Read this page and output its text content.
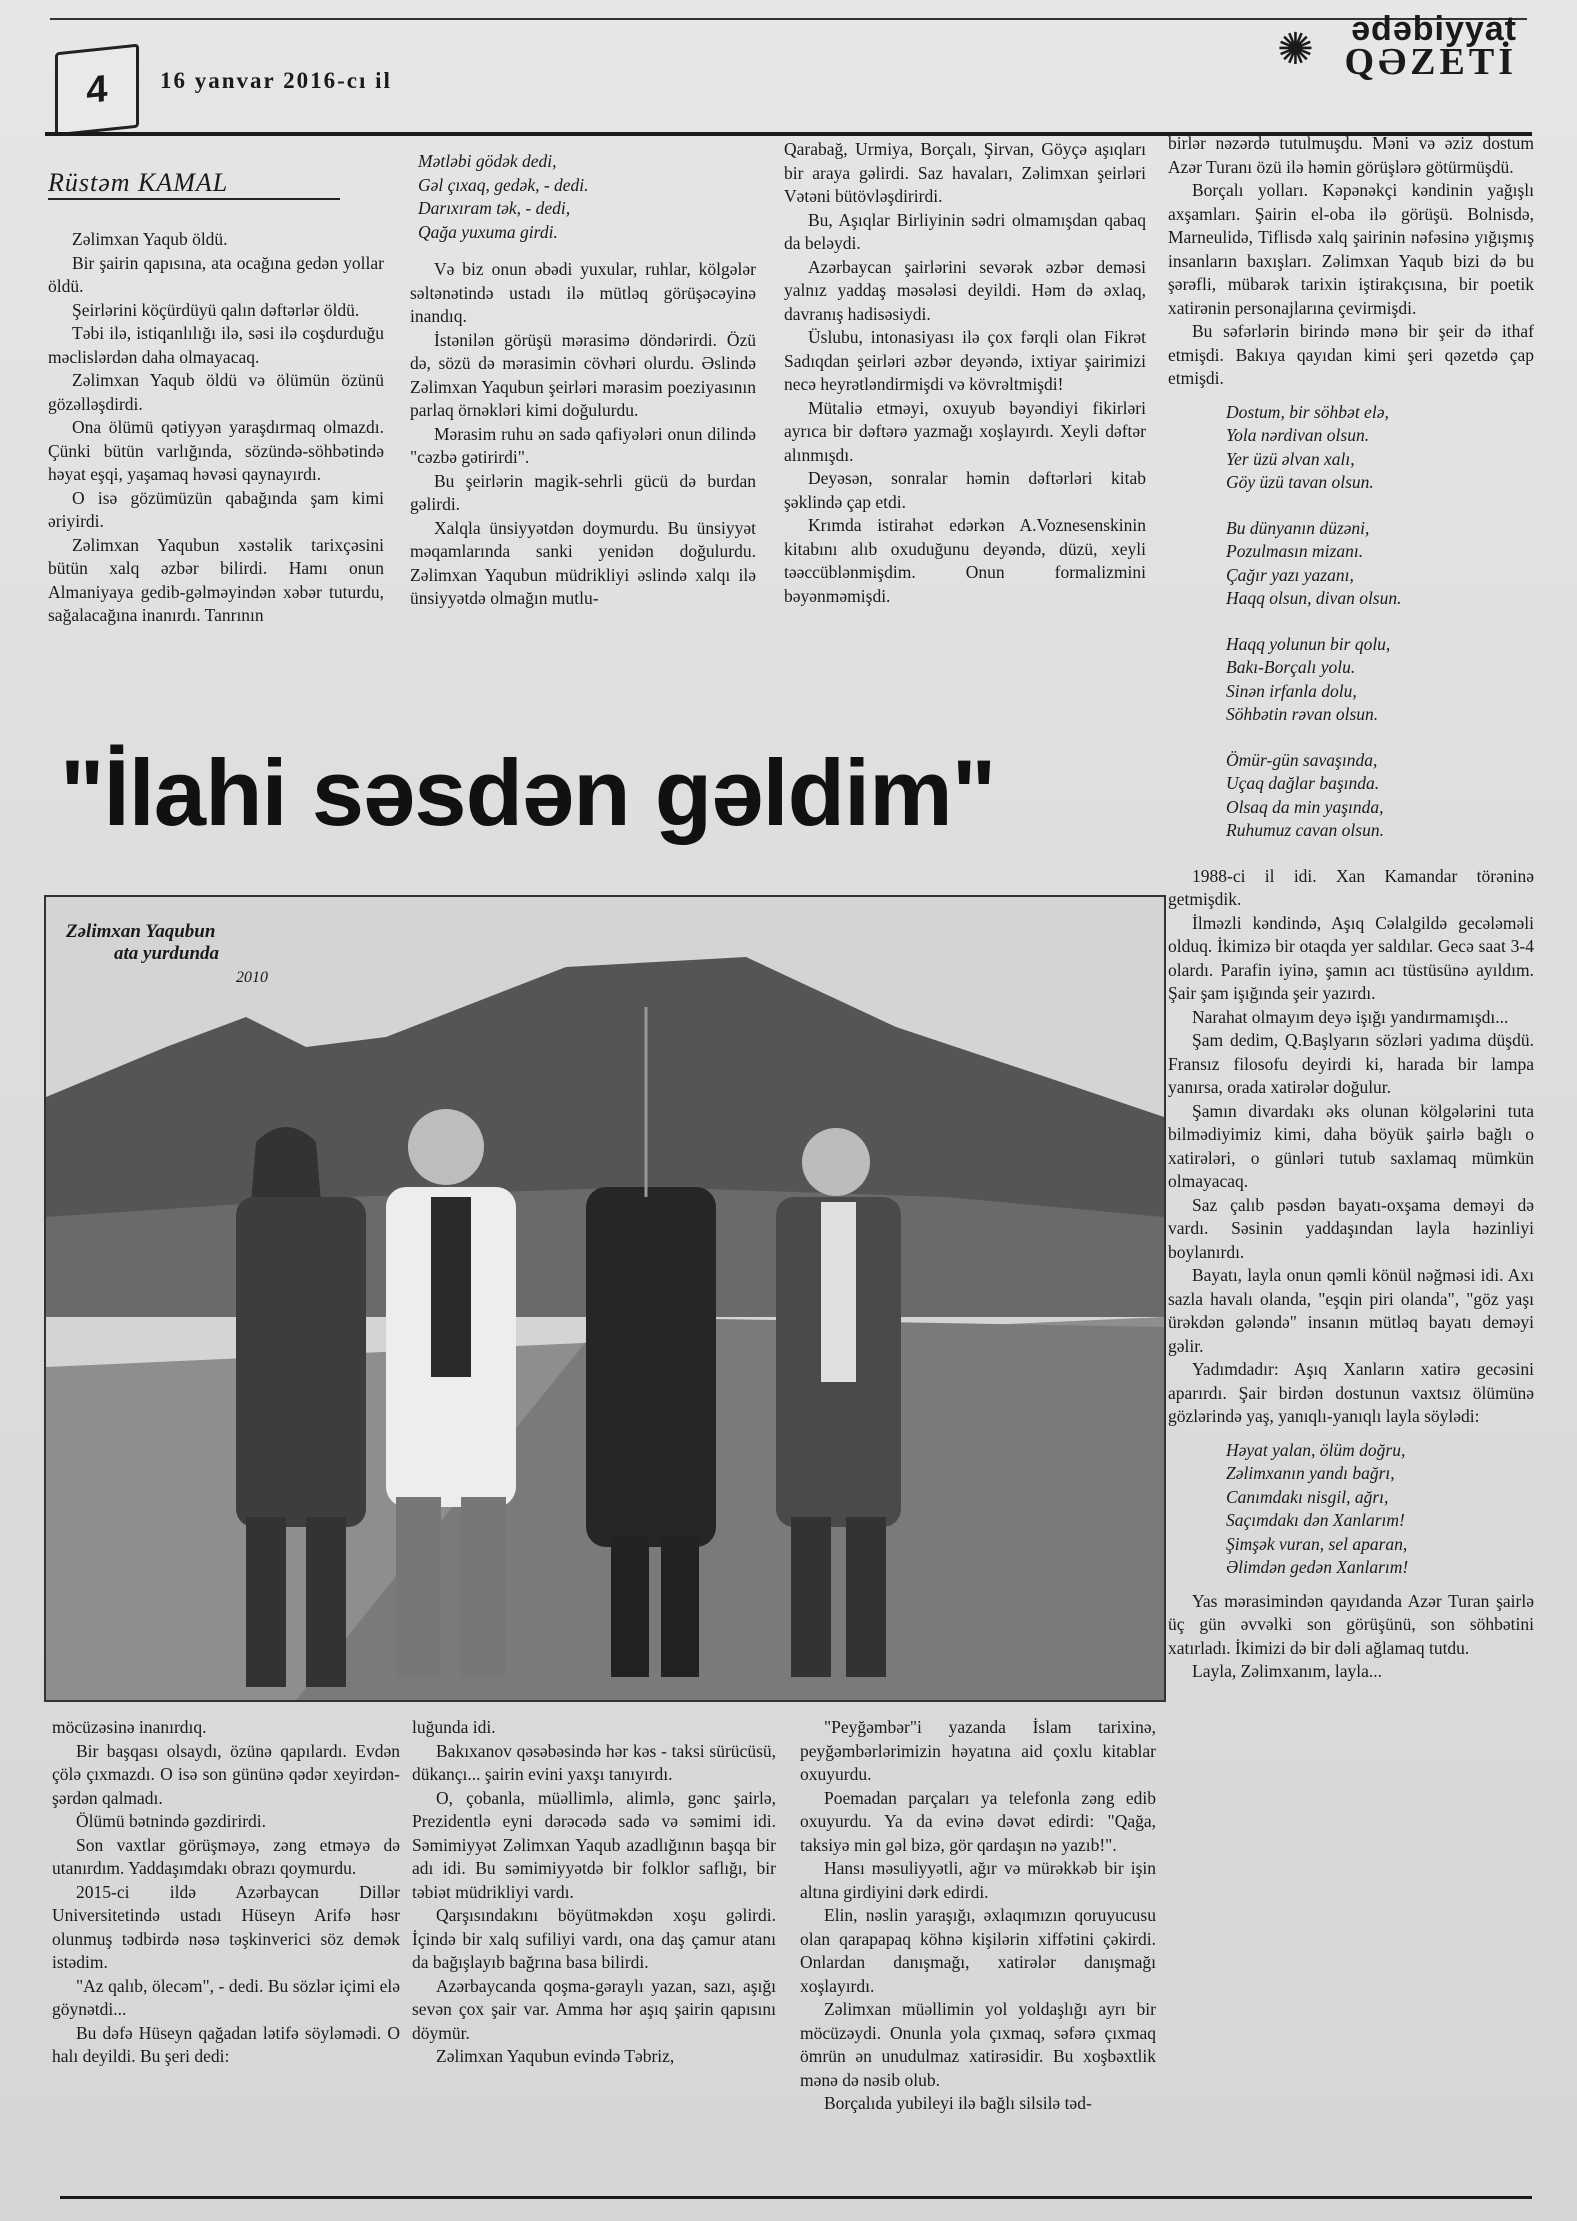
4 16 yanvar 2016-cı il
✺ ədəbiyyat
QƏZETİ
Rüstəm KAMAL

Zəlimxan Yaqub öldü.

Bir şairin qapısına, ata ocağına gedən yollar öldü.

Şeirlərini köçürdüyü qalın dəftərlər öldü.

Təbi ilə, istiqanlılığı ilə, səsi ilə coşdurduğu məclislərdən daha olmayacaq.

Zəlimxan Yaqub öldü və ölümün özünü gözəlləşdirdi.

Ona ölümü qətiyyən yaraşdırmaq olmazdı. Çünki bütün varlığında, sözündə-söhbətində həyat eşqi, yaşamaq həvəsi qaynayırdı.

O isə gözümüzün qabağında şam kimi əriyirdi.

Zəlimxan Yaqubun xəstəlik tarixçəsini bütün xalq əzbər bilirdi. Hamı onun Almaniyaya gedib-gəlməyindən xəbər tuturdu, sağalacağına inanırdı. Tanrının

Mətləbi gödək dedi,
Gəl çıxaq, gedək, - dedi.
Darıxıram tək, - dedi,
Qağa yuxuma girdi.

Və biz onun əbədi yuxular, ruhlar, kölgələr səltənətində ustadı ilə mütləq görüşəcəyinə inandıq.

İstənilən görüşü mərasimə döndərirdi. Özü də, sözü də mərasimin cövhəri olurdu. Əslində Zəlimxan Yaqubun şeirləri mərasim poeziyasının parlaq örnəkləri kimi doğulurdu.

Mərasim ruhu ən sadə qafiyələri onun dilində "cəzbə gətirirdi".

Bu şeirlərin magik-sehrli gücü də burdan gəlirdi.

Xalqla ünsiyyətdən doymurdu. Bu ünsiyyət məqamlarında sanki yenidən doğulurdu. Zəlimxan Yaqubun müdrikliyi əslində xalqı ilə ünsiyyətdə olmağın mutlu-

Qarabağ, Urmiya, Borçalı, Şirvan, Göyçə aşıqları bir araya gəlirdi. Saz havaları, Zəlimxan şeirləri Vətəni bütövləşdirirdi.

Bu, Aşıqlar Birliyinin sədri olmamışdan qabaq da beləydi.

Azərbaycan şairlərini sevərək əzbər deməsi yalnız yaddaş məsələsi deyildi. Həm də əxlaq, davranış hadisəsiydi.

Üslubu, intonasiyası ilə çox fərqli olan Fikrət Sadıqdan şeirləri əzbər deyəndə, ixtiyar şairimizi necə heyrətləndirmişdi və kövrəltmişdi!

Mütaliə etməyi, oxuyub bəyəndiyi fikirləri ayrıca bir dəftərə yazmağı xoşlayırdı. Xeyli dəftər alınmışdı.

Deyəsən, sonralar həmin dəftərləri kitab şəklində çap etdi.

Krımda istirahət edərkən A.Voznesenskinin kitabını alıb oxuduğunu deyəndə, düzü, xeyli təəccüblənmişdim. Onun formalizmini bəyənməmişdi.

birlər nəzərdə tutulmuşdu. Məni və əziz dostum Azər Turanı özü ilə həmin görüşlərə götürmüşdü.

Borçalı yolları. Kəpənəkçi kəndinin yağışlı axşamları. Şairin el-oba ilə görüşü. Bolnisdə, Marneulidə, Tiflisdə xalq şairinin nəfəsinə yığışmış insanların baxışları. Zəlimxan Yaqub bizi də bu şərəfli, mübarək tarixin iştirakçısına, bir poetik xatirənin personajlarına çevirmişdi.

Bu səfərlərin birində mənə bir şeir də ithaf etmişdi. Bakıya qayıdan kimi şeri qəzetdə çap etmişdi.

Dostum, bir söhbət elə,
Yola nərdivan olsun.
Yer üzü əlvan xalı,
Göy üzü tavan olsun.
Bu dünyanın düzəni,
Pozulmasın mizanı.
Çağır yazı yazanı,
Haqq olsun, divan olsun.
Haqq yolunun bir qolu,
Bakı-Borçalı yolu.
Sinən irfanla dolu,
Söhbətin rəvan olsun.
Ömür-gün savaşında,
Uçaq dağlar başında.
Olsaq da min yaşında,
Ruhumuz cavan olsun.

1988-ci il idi. Xan Kamandar törəninə getmişdik.

İlməzli kəndində, Aşıq Cəlalgildə gecələməli olduq. İkimizə bir otaqda yer saldılar. Gecə saat 3-4 olardı. Parafin iyinə, şamın acı tüstüsünə ayıldım. Şair şam işığında şeir yazırdı.

Narahat olmayım deyə işığı yandırmamışdı...

Şam dedim, Q.Başlyarın sözləri yadıma düşdü. Fransız filosofu deyirdi ki, harada bir lampa yanırsa, orada xatirələr doğulur.

Şamın divardakı əks olunan kölgələrini tuta bilmədiyimiz kimi, daha böyük şairlə bağlı o xatirələri, o günləri tutub saxlamaq mümkün olmayacaq.

Saz çalıb pəsdən bayatı-oxşama deməyi də vardı. Səsinin yaddaşından layla həzinliyi boylanırdı.

Bayatı, layla onun qəmli könül nəğməsi idi. Axı sazla havalı olanda, "eşqin piri olanda", "göz yaşı ürəkdən gələndə" insanın mütləq bayatı deməyi gəlir.

Yadımdadır: Aşıq Xanların xatirə gecəsini aparırdı. Şair birdən dostunun vaxtsız ölümünə gözlərində yaş, yanıqlı-yanıqlı layla söylədi:

Həyat yalan, ölüm doğru,
Zəlimxanın yandı bağrı,
Canımdakı nisgil, ağrı,
Saçımdakı dən Xanlarım!
Şimşək vuran, sel aparan,
Əlimdən gedən Xanlarım!

Yas mərasimindən qayıdanda Azər Turan şairlə üç gün əvvəlki son görüşünü, son söhbətini xatırladı. İkimizi də bir dəli ağlamaq tutdu.

Layla, Zəlimxanım, layla...

"İlahi səsdən gəldim"
Zəlimxan Yaqubun
ata yurdunda
2010

möcüzəsinə inanırdıq.

Bir başqası olsaydı, özünə qapılardı. Evdən çölə çıxmazdı. O isə son gününə qədər xeyirdən-şərdən qalmadı.

Ölümü bətnində gəzdirirdi.

Son vaxtlar görüşməyə, zəng etməyə də utanırdım. Yaddaşımdakı obrazı qoymurdu.

2015-ci ildə Azərbaycan Dillər Universitetində ustadı Hüseyn Arifə həsr olunmuş tədbirdə nəsə təşkinverici söz demək istədim.

"Az qalıb, ölecəm", - dedi. Bu sözlər içimi elə göynətdi...

Bu dəfə Hüseyn qağadan lətifə söyləmədi. O halı deyildi. Bu şeri dedi:

luğunda idi.

Bakıxanov qəsəbəsində hər kəs - taksi sürücüsü, dükançı... şairin evini yaxşı tanıyırdı.

O, çobanla, müəllimlə, alimlə, gənc şairlə, Prezidentlə eyni dərəcədə sadə və səmimi idi. Səmimiyyət Zəlimxan Yaqub azadlığının başqa bir adı idi. Bu səmimiyyətdə bir folklor saflığı, bir təbiət müdrikliyi vardı.

Qarşısındakını böyütməkdən xoşu gəlirdi. İçində bir xalq sufiliyi vardı, ona daş çamur atanı da bağışlayıb bağrına basa bilirdi.

Azərbaycanda qoşma-gəraylı yazan, sazı, aşığı sevən çox şair var. Amma hər aşıq şairin qapısını döymür.

Zəlimxan Yaqubun evində Təbriz,

"Peyğəmbər"i yazanda İslam tarixinə, peyğəmbərlərimizin həyatına aid çoxlu kitablar oxuyurdu.

Poemadan parçaları ya telefonla zəng edib oxuyurdu. Ya da evinə dəvət edirdi: "Qağa, taksiyə min gəl bizə, gör qardaşın nə yazıb!".

Hansı məsuliyyətli, ağır və mürəkkəb bir işin altına girdiyini dərk edirdi.

Elin, nəslin yaraşığı, əxlaqımızın qoruyucusu olan qarapapaq köhnə kişilərin xiffətini çəkirdi. Onlardan danışmağı, xatirələr danışmağı xoşlayırdı.

Zəlimxan müəllimin yol yoldaşlığı ayrı bir möcüzəydi. Onunla yola çıxmaq, səfərə çıxmaq ömrün ən unudulmaz xatirəsidir. Bu xoşbəxtlik mənə də nəsib olub.

Borçalıda yubileyi ilə bağlı silsilə təd-
